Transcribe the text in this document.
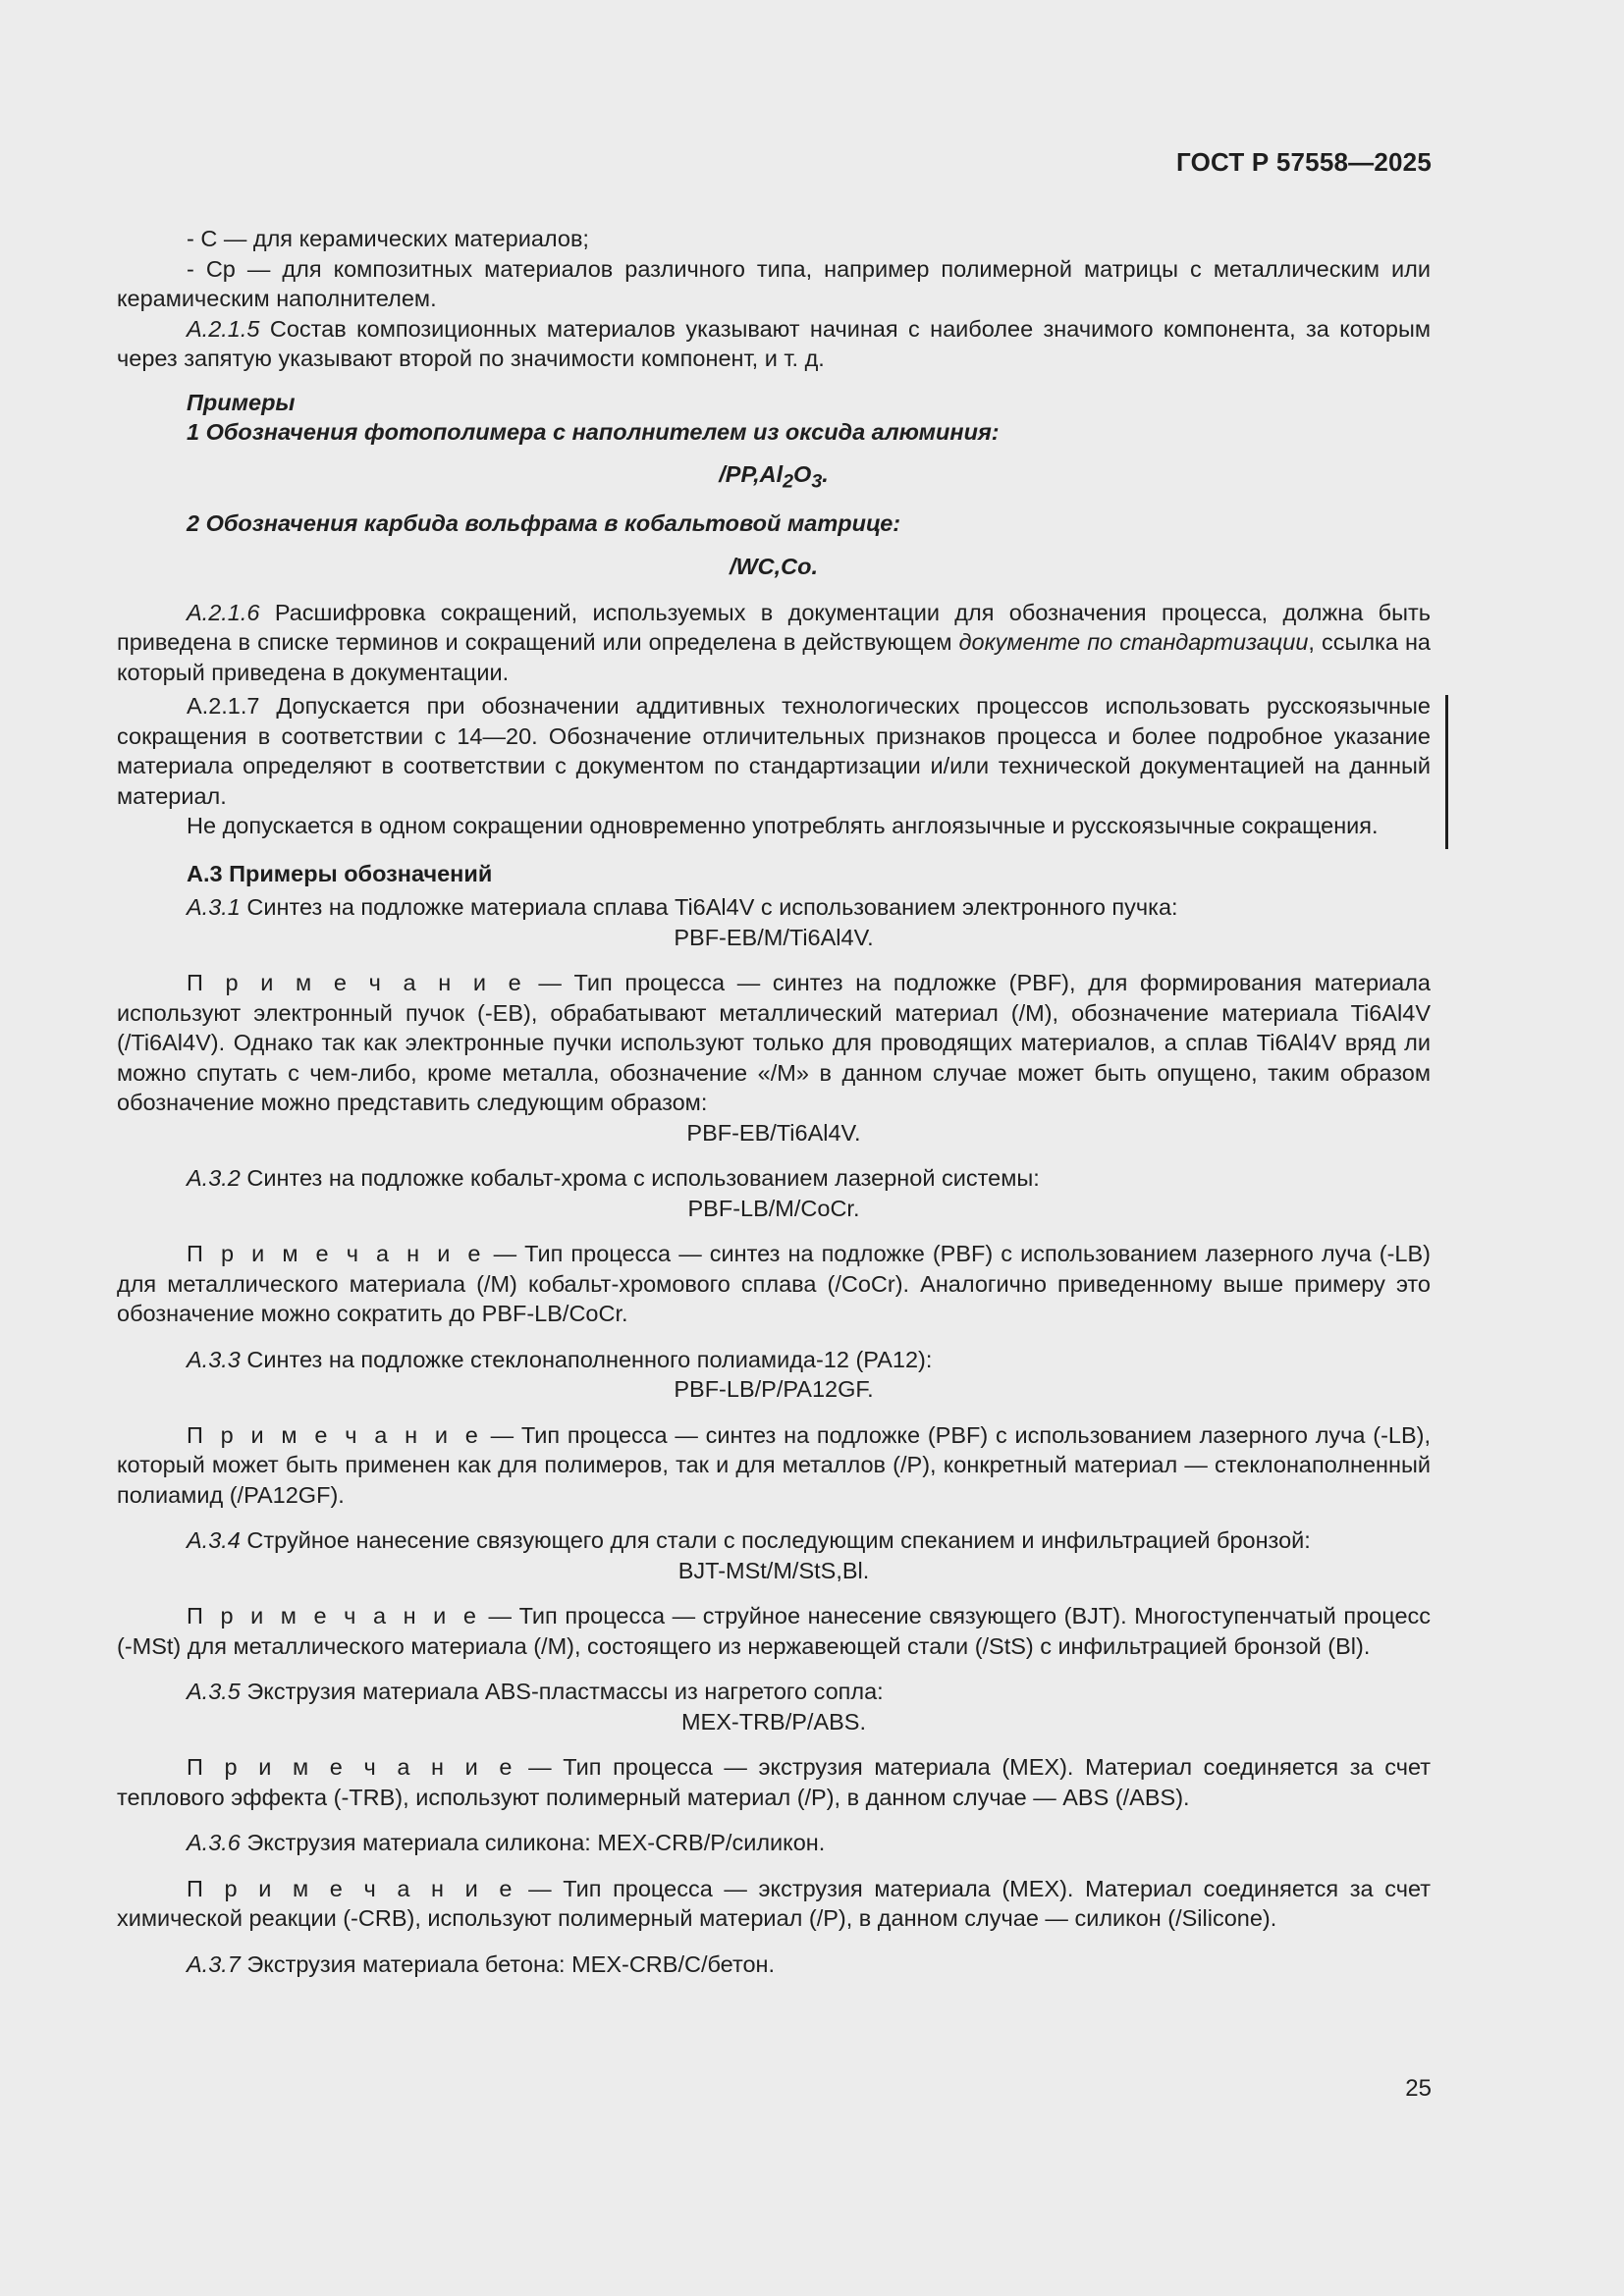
ГОСТ Р 57558—2025

- С — для керамических материалов;

- Ср — для композитных материалов различного типа, например полимерной матрицы с металлическим или керамическим наполнителем.

А.2.1.5 Состав композиционных материалов указывают начиная с наиболее значимого компонента, за которым через запятую указывают второй по значимости компонент, и т. д.

Примеры

1 Обозначения фотополимера с наполнителем из оксида алюминия:

$/PP,Al_2O_3$.

2 Обозначения карбида вольфрама в кобальтовой матрице:

/WC,Co.

А.2.1.6 Расшифровка сокращений, используемых в документации для обозначения процесса, должна быть приведена в списке терминов и сокращений или определена в действующем документе по стандартизации, ссылка на который приведена в документации.

А.2.1.7 Допускается при обозначении аддитивных технологических процессов использовать русскоязычные сокращения в соответствии с 14—20. Обозначение отличительных признаков процесса и более подробное указание материала определяют в соответствии с документом по стандартизации и/или технической документацией на данный материал.

Не допускается в одном сокращении одновременно употреблять англоязычные и русскоязычные сокращения.

А.3 Примеры обозначений

А.3.1 Синтез на подложке материала сплава Ti6Al4V с использованием электронного пучка:

PBF-EB/M/Ti6Al4V.

П р и м е ч а н и е — Тип процесса — синтез на подложке (PBF), для формирования материала используют электронный пучок (-EB), обрабатывают металлический материал (/M), обозначение материала Ti6Al4V (/Ti6Al4V). Однако так как электронные пучки используют только для проводящих материалов, а сплав Ti6Al4V вряд ли можно спутать с чем-либо, кроме металла, обозначение «/M» в данном случае может быть опущено, таким образом обозначение можно представить следующим образом:

PBF-EB/Ti6Al4V.

А.3.2 Синтез на подложке кобальт-хрома с использованием лазерной системы:

PBF-LB/M/CoCr.

П р и м е ч а н и е — Тип процесса — синтез на подложке (PBF) с использованием лазерного луча (-LB) для металлического материала (/M) кобальт-хромового сплава (/CoCr). Аналогично приведенному выше примеру это обозначение можно сократить до PBF-LB/CoCr.

А.3.3 Синтез на подложке стеклонаполненного полиамида-12 (PA12):

PBF-LB/P/PA12GF.

П р и м е ч а н и е — Тип процесса — синтез на подложке (PBF) с использованием лазерного луча (-LB), который может быть применен как для полимеров, так и для металлов (/P), конкретный материал — стеклонаполненный полиамид (/PA12GF).

А.3.4 Струйное нанесение связующего для стали с последующим спеканием и инфильтрацией бронзой:

BJT-MSt/M/StS,Bl.

П р и м е ч а н и е — Тип процесса — струйное нанесение связующего (BJT). Многоступенчатый процесс (-MSt) для металлического материала (/M), состоящего из нержавеющей стали (/StS) с инфильтрацией бронзой (Bl).

А.3.5 Экструзия материала ABS-пластмассы из нагретого сопла:

MEX-TRB/P/ABS.

П р и м е ч а н и е — Тип процесса — экструзия материала (MEX). Материал соединяется за счет теплового эффекта (-TRB), используют полимерный материал (/P), в данном случае — ABS (/ABS).

А.3.6 Экструзия материала силикона: MEX-CRB/P/силикон.

П р и м е ч а н и е — Тип процесса — экструзия материала (MEX). Материал соединяется за счет химической реакции (-CRB), используют полимерный материал (/P), в данном случае — силикон (/Silicone).

А.3.7 Экструзия материала бетона: MEX-CRB/C/бетон.

25
